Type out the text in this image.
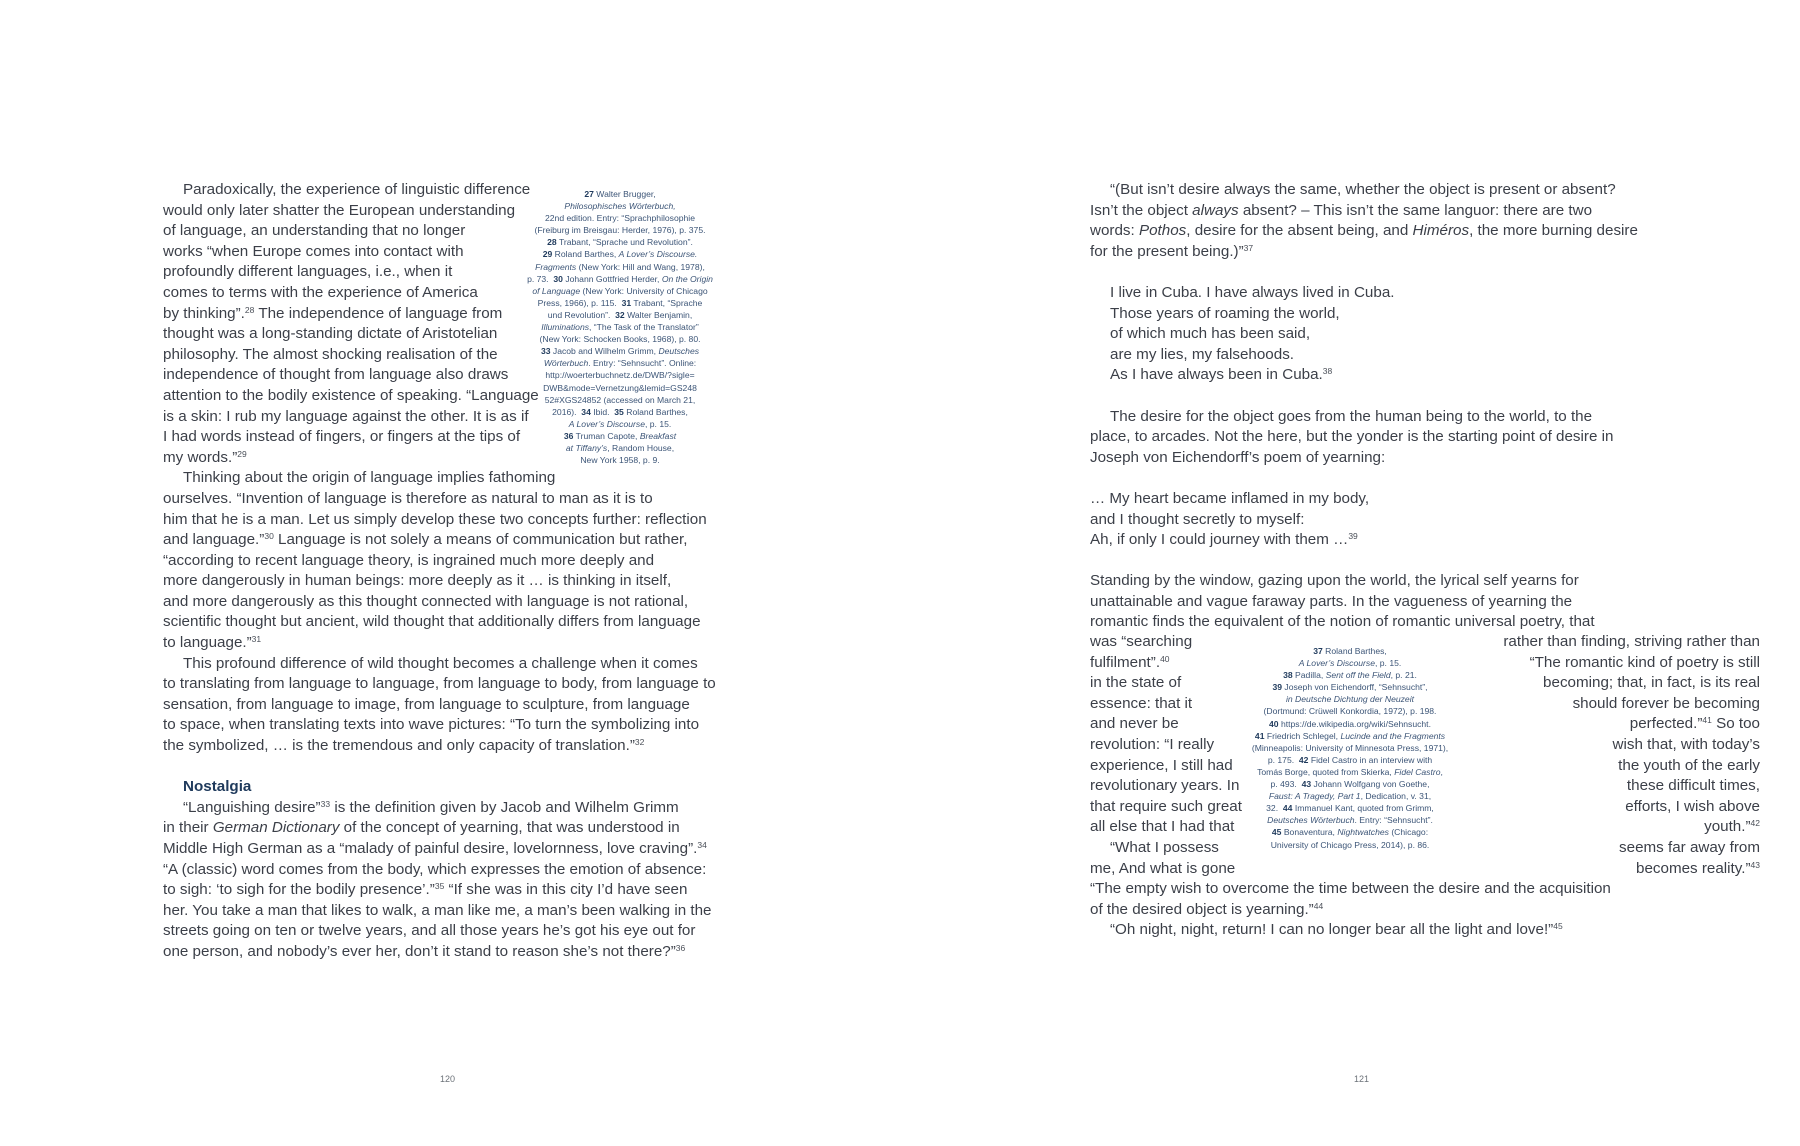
Paradoxically, the experience of linguistic difference
would only later shatter the European understanding
of language, an understanding that no longer
works “when Europe comes into contact with
profoundly different languages, i.e., when it
comes to terms with the experience of America
by thinking”.$^{28}$ The independence of language from
thought was a long-standing dictate of Aristotelian
philosophy. The almost shocking realisation of the
independence of thought from language also draws
attention to the bodily existence of speaking. “Language
is a skin: I rub my language against the other. It is as if
I had words instead of fingers, or fingers at the tips of
my words.”$^{29}$

Thinking about the origin of language implies fathoming
ourselves. “Invention of language is therefore as natural to man as it is to
him that he is a man. Let us simply develop these two concepts further: reflection
and language.”$^{30}$ Language is not solely a means of communication but rather,
“according to recent language theory, is ingrained much more deeply and
more dangerously in human beings: more deeply as it … is thinking in itself,
and more dangerously as this thought connected with language is not rational,
scientific thought but ancient, wild thought that additionally differs from language
to language.”$^{31}$

This profound difference of wild thought becomes a challenge when it comes
to translating from language to language, from language to body, from language to
sensation, from language to image, from language to sculpture, from language
to space, when translating texts into wave pictures: “To turn the symbolizing into
the symbolized, … is the tremendous and only capacity of translation.”$^{32}$

Nostalgia

“Languishing desire”$^{33}$ is the definition given by Jacob and Wilhelm Grimm
in their German Dictionary of the concept of yearning, that was understood in
Middle High German as a “malady of painful desire, lovelornness, love craving”.$^{34}$
“A (classic) word comes from the body, which expresses the emotion of absence:
to sigh: ‘to sigh for the bodily presence’.”$^{35}$ “If she was in this city I’d have seen
her. You take a man that likes to walk, a man like me, a man’s been walking in the
streets going on ten or twelve years, and all those years he’s got his eye out for
one person, and nobody’s ever her, don’t it stand to reason she’s not there?”$^{36}$

27 Walter Brugger,
Philosophisches Wörterbuch,
22nd edition. Entry: “Sprachphilosophie
(Freiburg im Breisgau: Herder, 1976), p. 375.
28 Trabant, “Sprache und Revolution”.
29 Roland Barthes, A Lover’s Discourse.
Fragments (New York: Hill and Wang, 1978),
p. 73. 30 Johann Gottfried Herder, On the Origin
of Language (New York: University of Chicago
Press, 1966), p. 115. 31 Trabant, “Sprache
und Revolution”. 32 Walter Benjamin,
Illuminations, “The Task of the Translator”
(New York: Schocken Books, 1968), p. 80.
33 Jacob and Wilhelm Grimm, Deutsches
Wörterbuch. Entry: “Sehnsucht”. Online:
http://woerterbuchnetz.de/DWB/?sigle=
DWB&mode=Vernetzung&lemid=GS248
52#XGS24852 (accessed on March 21,
2016). 34 Ibid. 35 Roland Barthes,
A Lover’s Discourse, p. 15.
36 Truman Capote, Breakfast
at Tiffany’s, Random House,
New York 1958, p. 9.
120

“(But isn’t desire always the same, whether the object is present or absent?
Isn’t the object always absent? – This isn’t the same languor: there are two
words: Pothos, desire for the absent being, and Himéros, the more burning desire
for the present being.)”$^{37}$

I live in Cuba. I have always lived in Cuba.
Those years of roaming the world,
of which much has been said,
are my lies, my falsehoods.
As I have always been in Cuba.$^{38}$

The desire for the object goes from the human being to the world, to the
place, to arcades. Not the here, but the yonder is the starting point of desire in
Joseph von Eichendorff’s poem of yearning:

… My heart became inflamed in my body,
and I thought secretly to myself:
Ah, if only I could journey with them …$^{39}$

Standing by the window, gazing upon the world, the lyrical self yearns for
unattainable and vague faraway parts. In the vagueness of yearning the
romantic finds the equivalent of the notion of romantic universal poetry, that

was “searching
fulfilment”.$^{40}$
in the state of
essence: that it
and never be
revolution: “I really
experience, I still had
revolutionary years. In
that require such great
all else that I had that
“What I possess
me, And what is gone
rather than finding, striving rather than
“The romantic kind of poetry is still
becoming; that, in fact, is its real
should forever be becoming
perfected.”$^{41}$ So too
wish that, with today’s
the youth of the early
these difficult times,
efforts, I wish above
youth.”$^{42}$
seems far away from
becomes reality.”$^{43}$
37 Roland Barthes,
A Lover’s Discourse, p. 15.
38 Padilla, Sent off the Field, p. 21.
39 Joseph von Eichendorff, “Sehnsucht”,
in Deutsche Dichtung der Neuzeit
(Dortmund: Crüwell Konkordia, 1972), p. 198.
40 https://de.wikipedia.org/wiki/Sehnsucht.
41 Friedrich Schlegel, Lucinde and the Fragments
(Minneapolis: University of Minnesota Press, 1971),
p. 175. 42 Fidel Castro in an interview with
Tomás Borge, quoted from Skierka, Fidel Castro,
p. 493. 43 Johann Wolfgang von Goethe,
Faust: A Tragedy, Part 1, Dedication, v. 31,
32. 44 Immanuel Kant, quoted from Grimm,
Deutsches Wörterbuch. Entry: “Sehnsucht”.
45 Bonaventura, Nightwatches (Chicago:
University of Chicago Press, 2014), p. 86.
“The empty wish to overcome the time between the desire and the acquisition
of the desired object is yearning.”$^{44}$
“Oh night, night, return! I can no longer bear all the light and love!”$^{45}$
121
